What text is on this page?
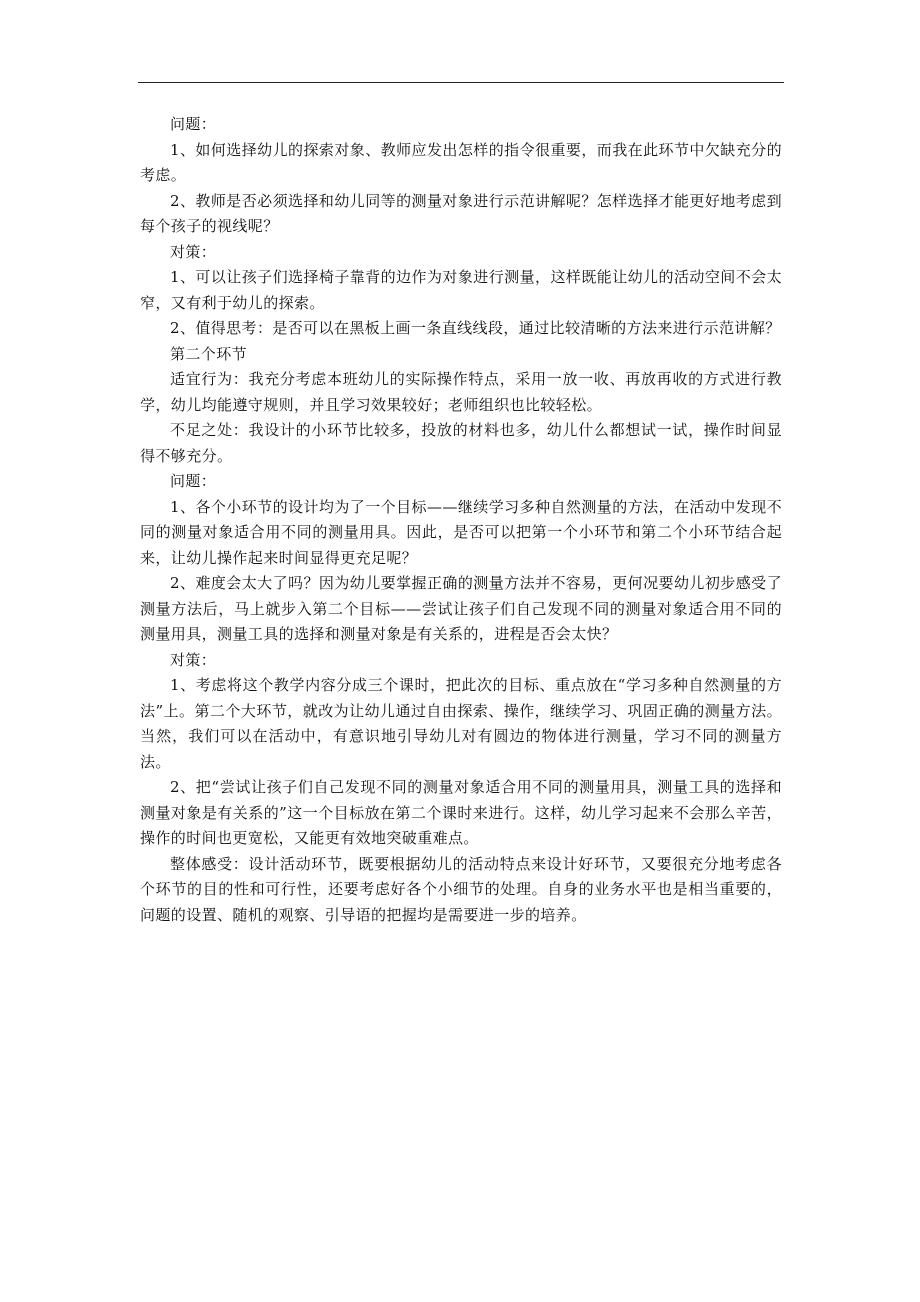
问题：

1、如何选择幼儿的探索对象、教师应发出怎样的指令很重要，而我在此环节中欠缺充分的考虑。

2、教师是否必须选择和幼儿同等的测量对象进行示范讲解呢？怎样选择才能更好地考虑到每个孩子的视线呢？

对策：

1、可以让孩子们选择椅子靠背的边作为对象进行测量，这样既能让幼儿的活动空间不会太窄，又有利于幼儿的探索。

2、值得思考：是否可以在黑板上画一条直线线段，通过比较清晰的方法来进行示范讲解？

第二个环节

适宜行为：我充分考虑本班幼儿的实际操作特点，采用一放一收、再放再收的方式进行教学，幼儿均能遵守规则，并且学习效果较好；老师组织也比较轻松。

不足之处：我设计的小环节比较多，投放的材料也多，幼儿什么都想试一试，操作时间显得不够充分。

问题：

1、各个小环节的设计均为了一个目标——继续学习多种自然测量的方法，在活动中发现不同的测量对象适合用不同的测量用具。因此，是否可以把第一个小环节和第二个小环节结合起来，让幼儿操作起来时间显得更充足呢？

2、难度会太大了吗？因为幼儿要掌握正确的测量方法并不容易，更何况要幼儿初步感受了测量方法后，马上就步入第二个目标——尝试让孩子们自己发现不同的测量对象适合用不同的测量用具，测量工具的选择和测量对象是有关系的，进程是否会太快？

对策：

1、考虑将这个教学内容分成三个课时，把此次的目标、重点放在“学习多种自然测量的方法”上。第二个大环节，就改为让幼儿通过自由探索、操作，继续学习、巩固正确的测量方法。当然，我们可以在活动中，有意识地引导幼儿对有圆边的物体进行测量，学习不同的测量方法。

2、把“尝试让孩子们自己发现不同的测量对象适合用不同的测量用具，测量工具的选择和测量对象是有关系的”这一个目标放在第二个课时来进行。这样，幼儿学习起来不会那么辛苦，操作的时间也更宽松，又能更有效地突破重难点。

整体感受：设计活动环节，既要根据幼儿的活动特点来设计好环节，又要很充分地考虑各个环节的目的性和可行性，还要考虑好各个小细节的处理。自身的业务水平也是相当重要的，问题的设置、随机的观察、引导语的把握均是需要进一步的培养。
